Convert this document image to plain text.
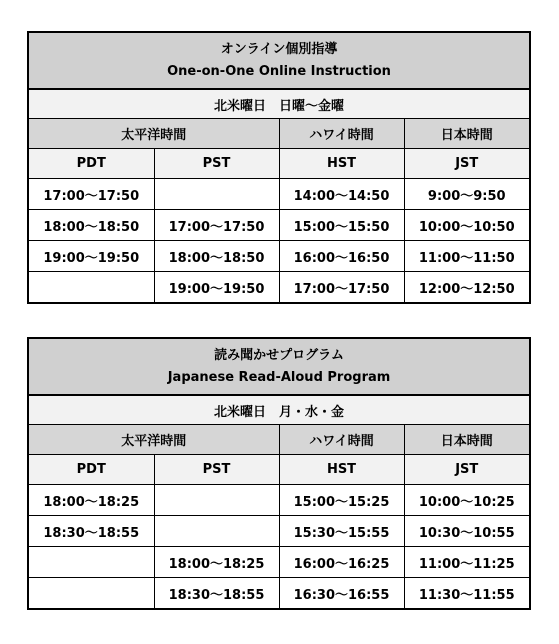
オンライン個別指導
One-on-One Online Instruction			

北米曜日　日曜～金曜			
太平洋時間		ハワイ時間	日本時間
PDT	PST	HST	JST
17:00～17:50		14:00～14:50	9:00～9:50
18:00～18:50	17:00～17:50	15:00～15:50	10:00～10:50
19:00～19:50	18:00～18:50	16:00～16:50	11:00～11:50
	19:00～19:50	17:00～17:50	12:00～12:50
読み聞かせプログラム
Japanese Read-Aloud Program			

北米曜日　月・水・金			
太平洋時間		ハワイ時間	日本時間
PDT	PST	HST	JST
18:00～18:25		15:00～15:25	10:00～10:25
18:30～18:55		15:30～15:55	10:30～10:55
	18:00～18:25	16:00～16:25	11:00～11:25
	18:30～18:55	16:30～16:55	11:30～11:55
